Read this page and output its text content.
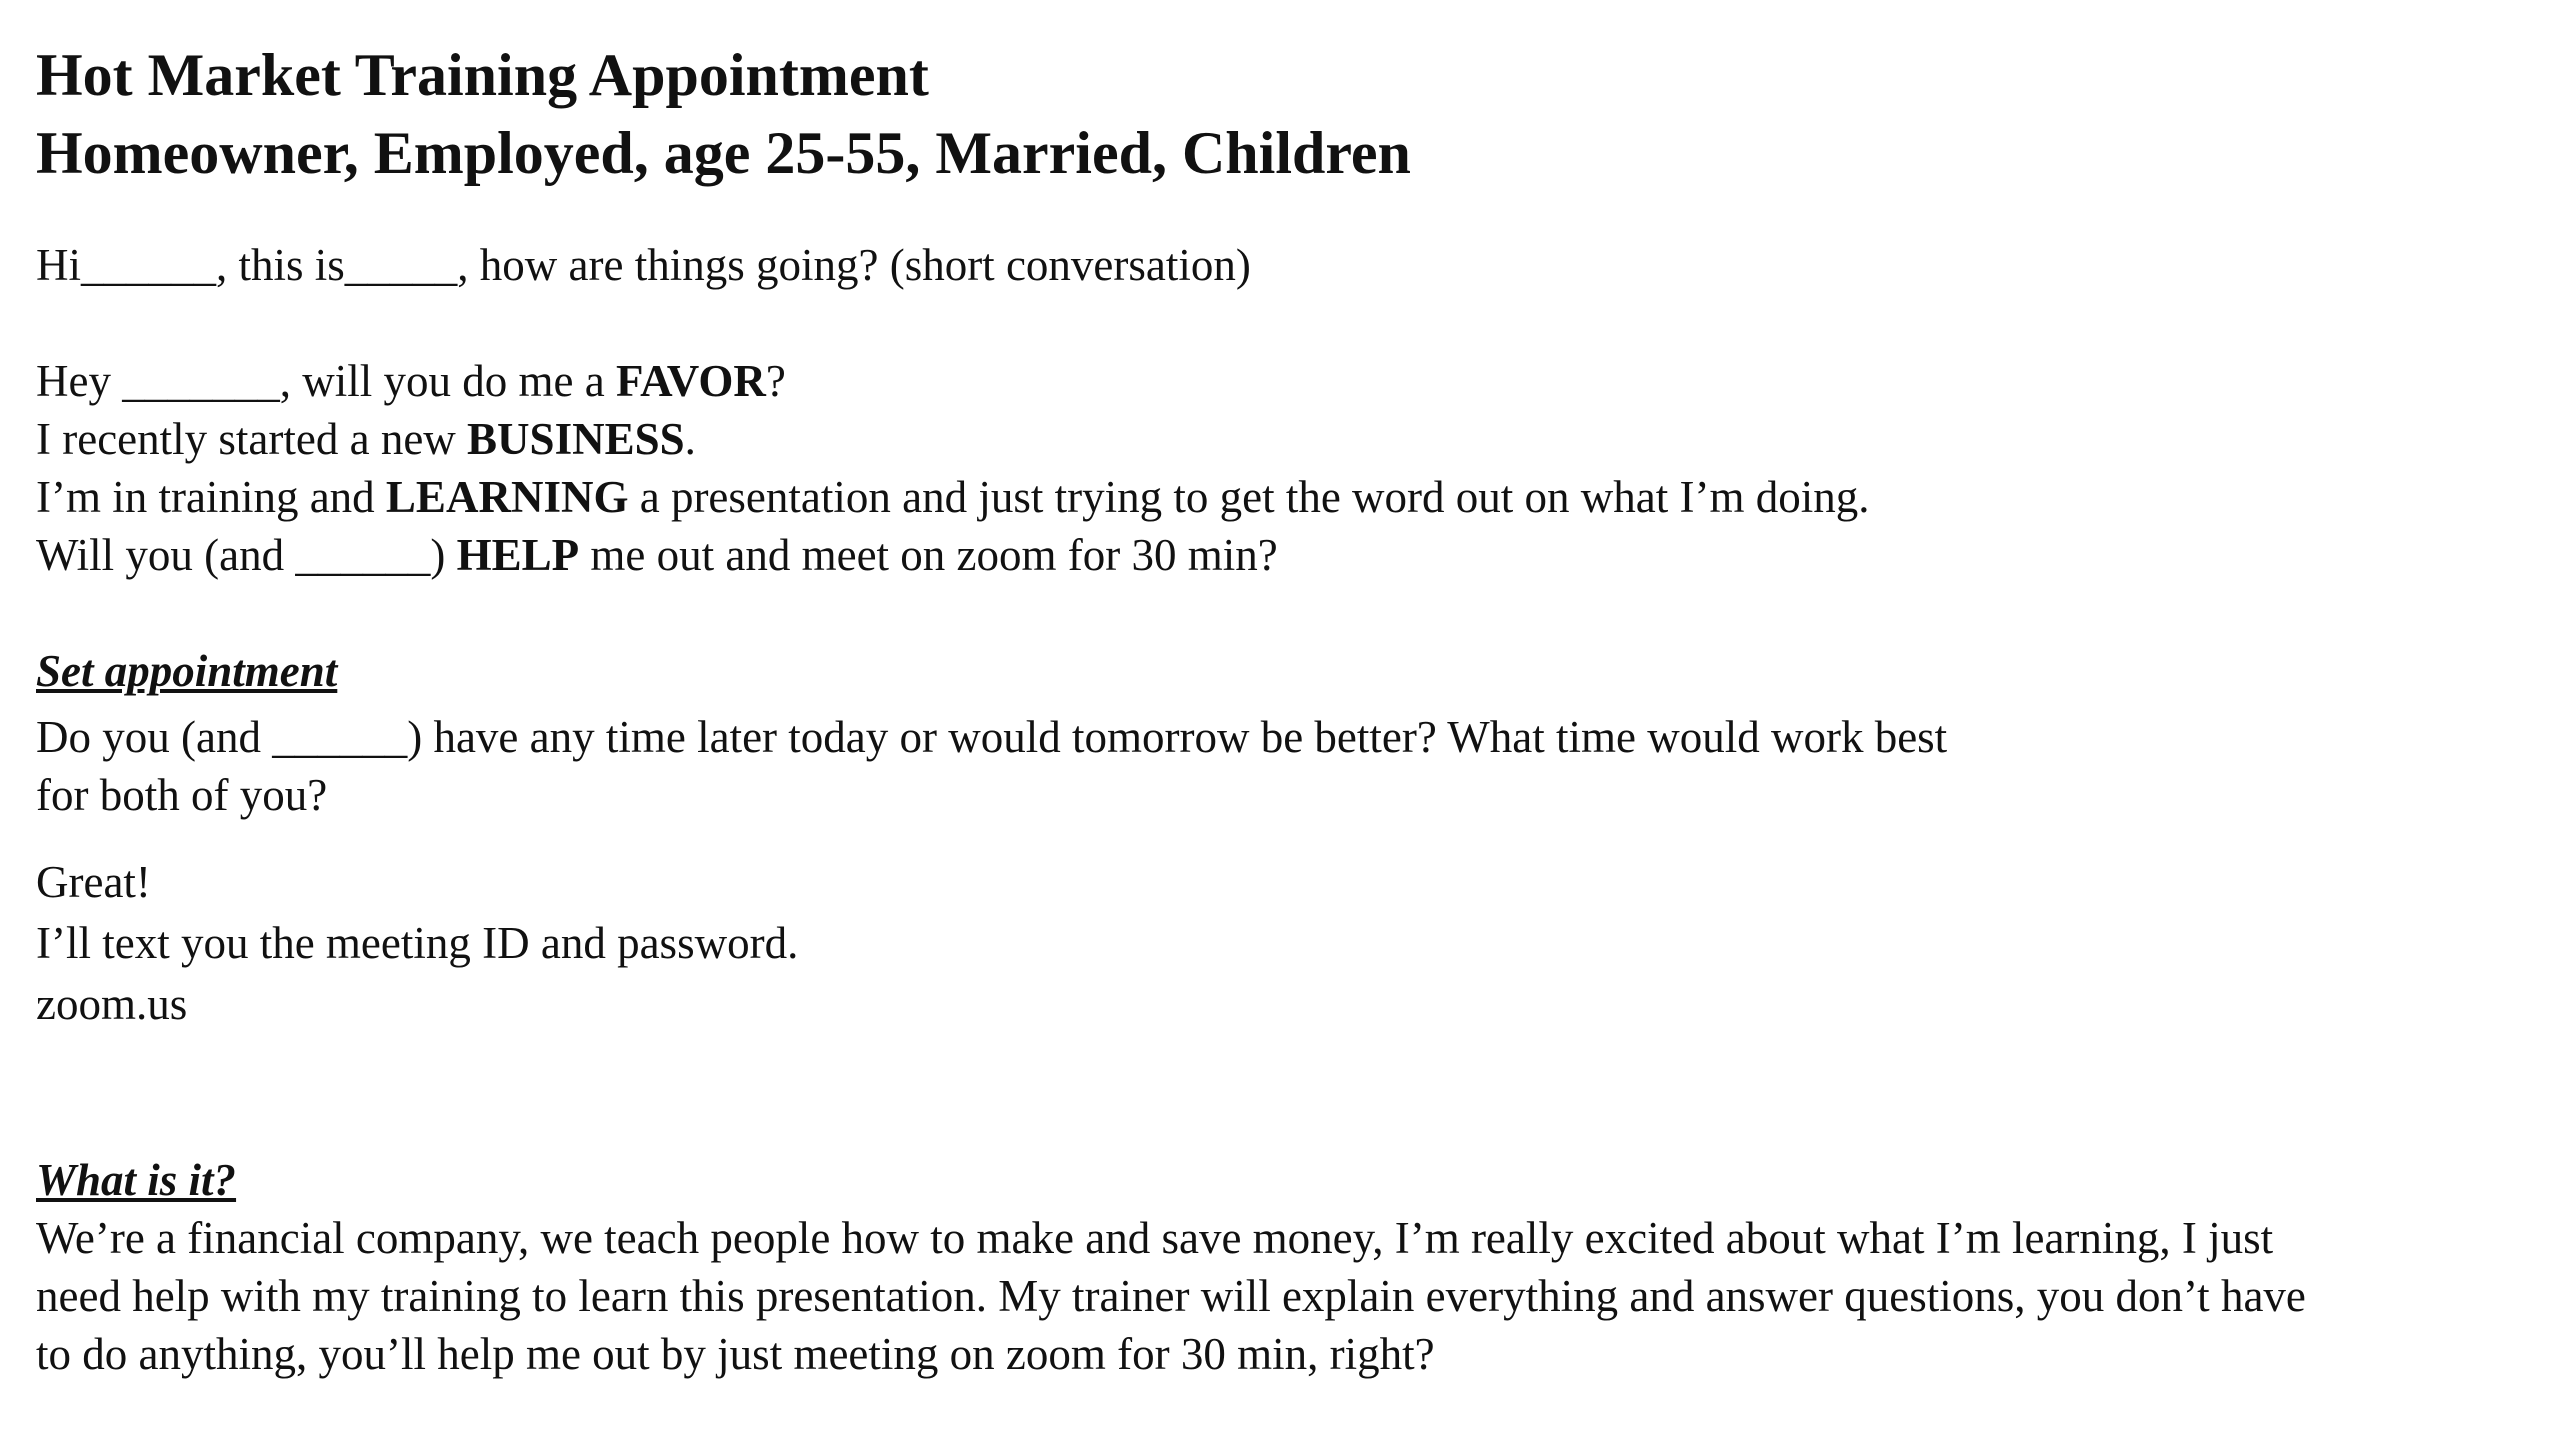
Hot Market Training Appointment

Homeowner, Employed, age 25-55, Married, Children

Hi______, this is_____, how are things going? (short conversation)

Hey _______, will you do me a FAVOR?

I recently started a new BUSINESS.

I’m in training and LEARNING a presentation and just trying to get the word out on what I’m doing.

Will you (and ______) HELP me out and meet on zoom for 30 min?

Set appointment

Do you (and ______) have any time later today or would tomorrow be better? What time would work best

for both of you?

Great!

I’ll text you the meeting ID and password.

zoom.us

What is it?

We’re a financial company, we teach people how to make and save money, I’m really excited about what I’m learning, I just

need help with my training to learn this presentation. My trainer will explain everything and answer questions, you don’t have

to do anything, you’ll help me out by just meeting on zoom for 30 min, right?
